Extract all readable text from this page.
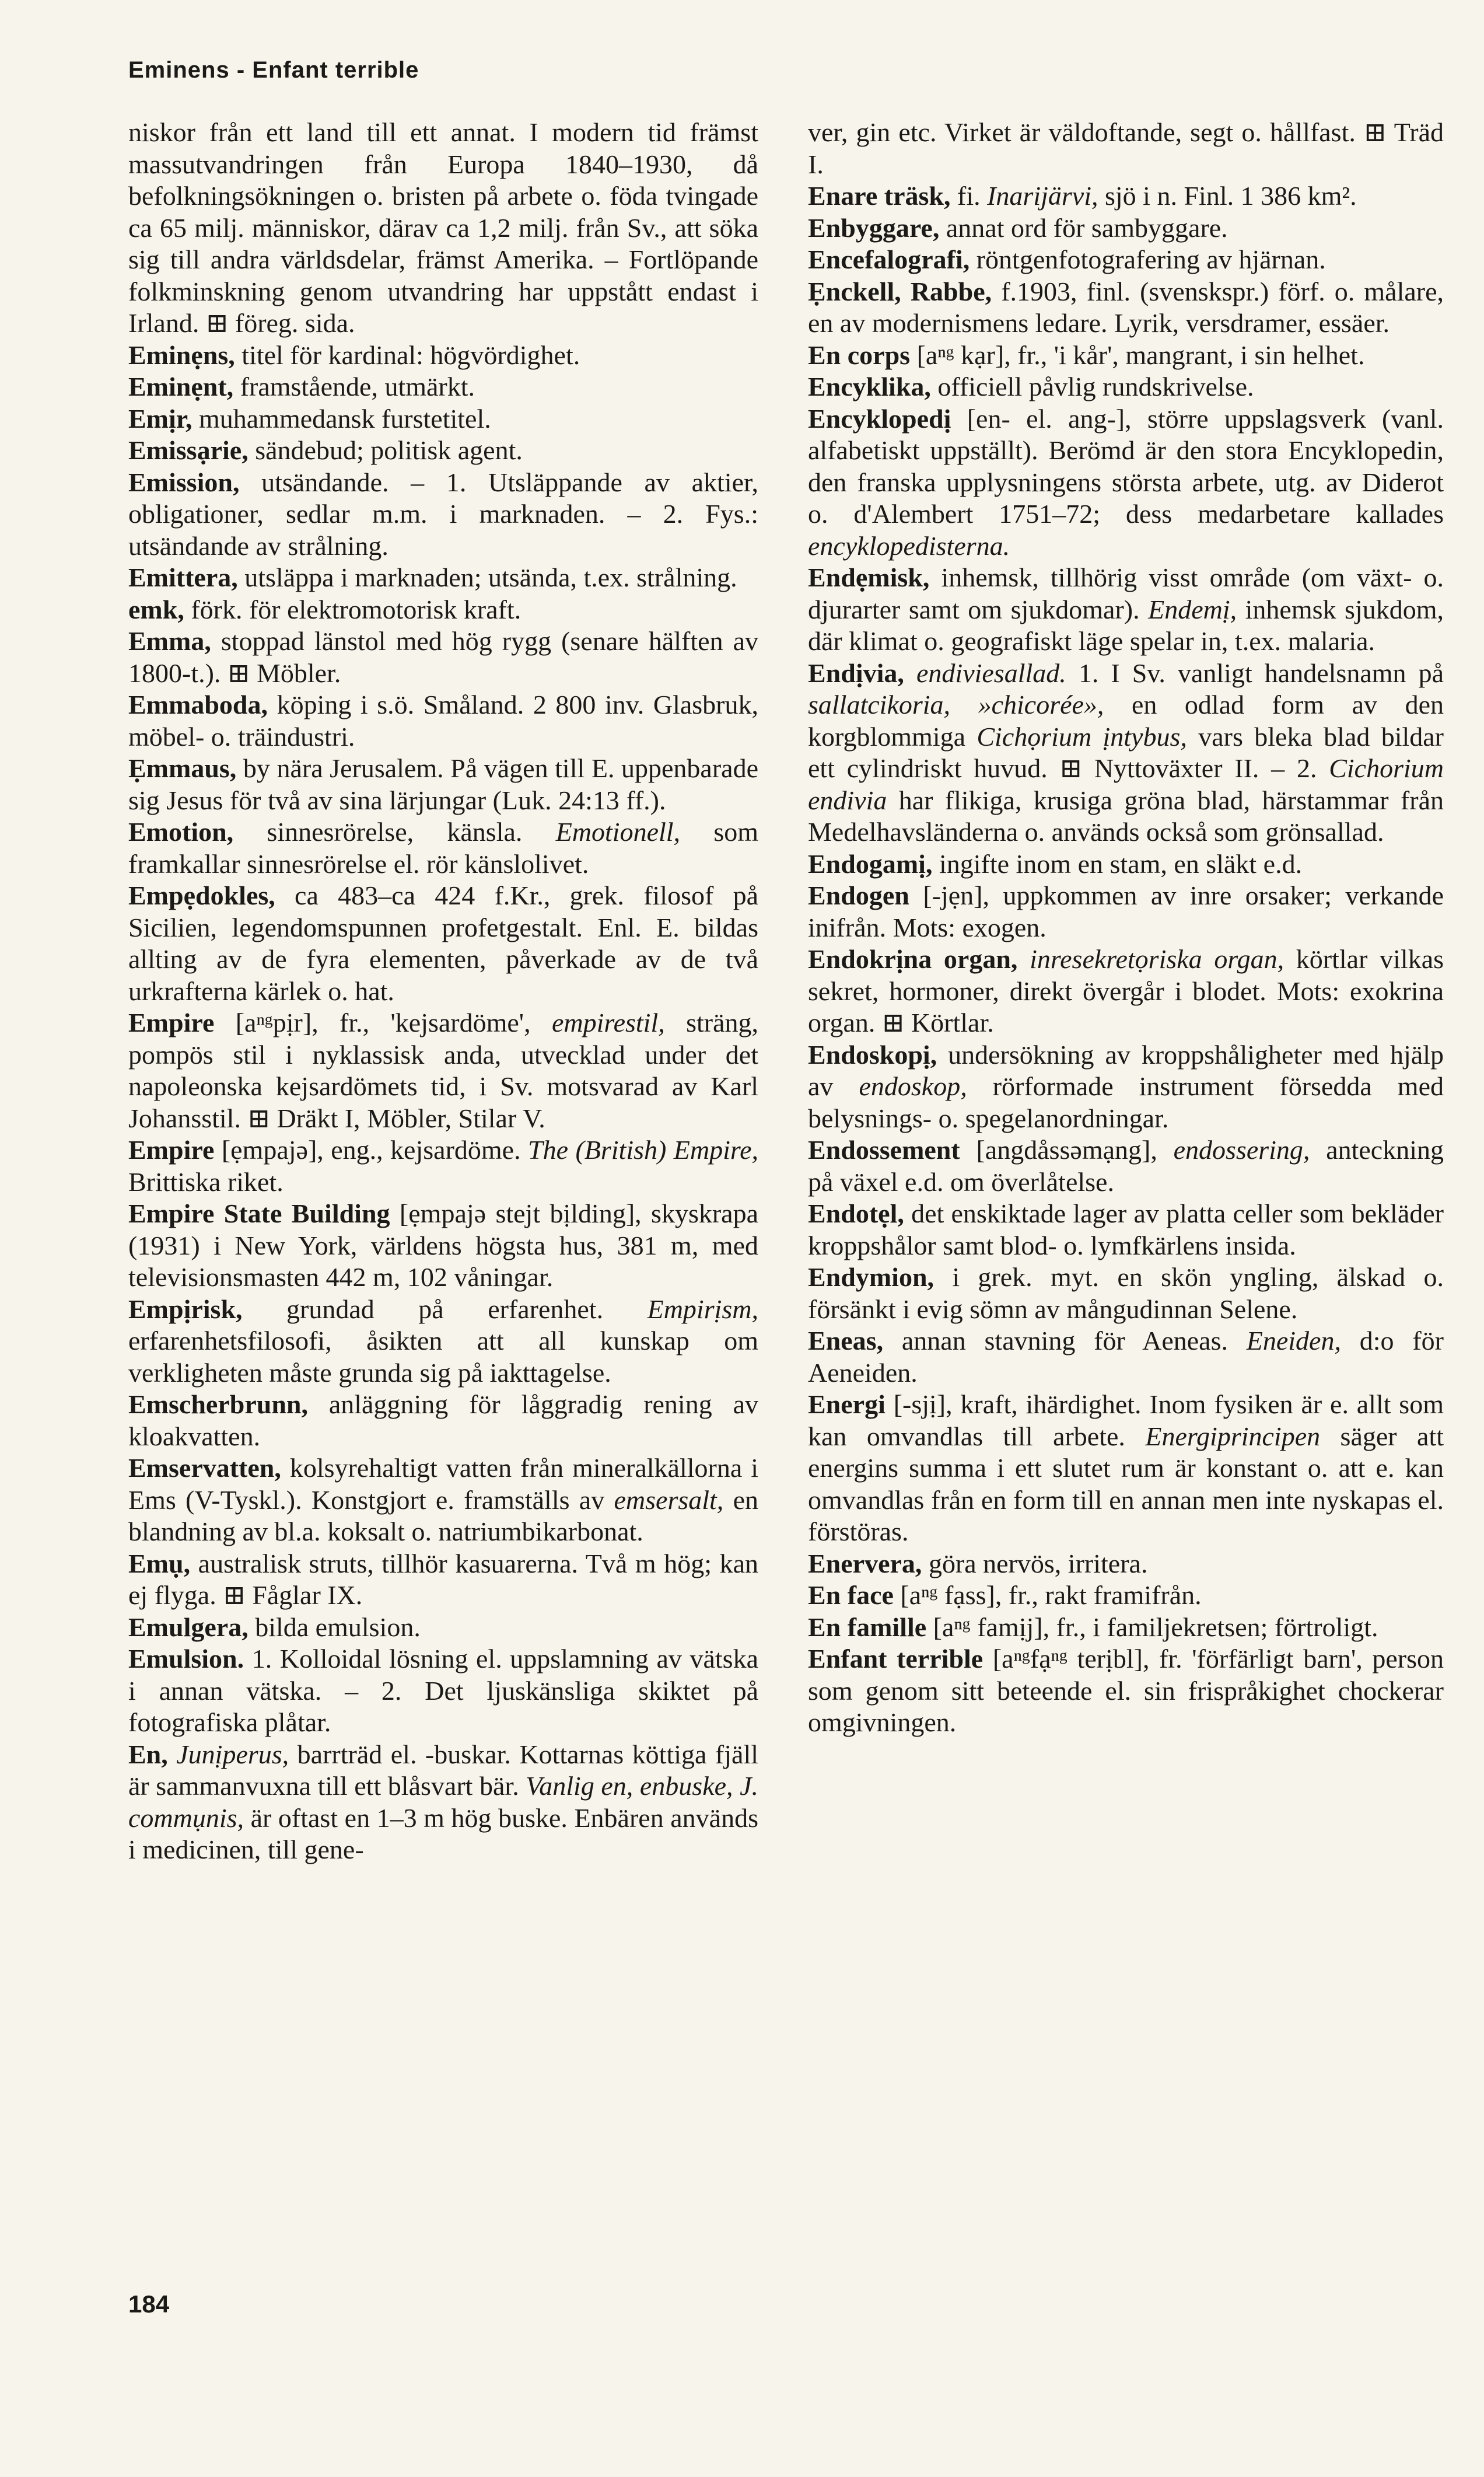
Eminens - Enfant terrible

niskor från ett land till ett annat. I modern tid främst massutvandringen från Europa 1840–1930, då befolkningsökningen o. bristen på arbete o. föda tvingade ca 65 milj. människor, därav ca 1,2 milj. från Sv., att söka sig till andra världsdelar, främst Amerika. – Fortlöpande folkminskning genom utvandring har uppstått endast i Irland. ⊞ föreg. sida.

Eminẹns, titel för kardinal: högvördighet.

Eminẹnt, framstående, utmärkt.

Emịr, muhammedansk furstetitel.

Emissạrie, sändebud; politisk agent.

Emission, utsändande. – 1. Utsläppande av aktier, obligationer, sedlar m.m. i marknaden. – 2. Fys.: utsändande av strålning.

Emittera, utsläppa i marknaden; utsända, t.ex. strålning.

emk, förk. för elektromotorisk kraft.

Emma, stoppad länstol med hög rygg (senare hälften av 1800-t.). ⊞ Möbler.

Emmaboda, köping i s.ö. Småland. 2 800 inv. Glasbruk, möbel- o. träindustri.

Ẹmmaus, by nära Jerusalem. På vägen till E. uppenbarade sig Jesus för två av sina lärjungar (Luk. 24:13 ff.).

Emotion, sinnesrörelse, känsla. Emotionell, som framkallar sinnesrörelse el. rör känslolivet.

Empẹdokles, ca 483–ca 424 f.Kr., grek. filosof på Sicilien, legendomspunnen profetgestalt. Enl. E. bildas allting av de fyra elementen, påverkade av de två urkrafterna kärlek o. hat.

Empire [aⁿᵍpịr], fr., 'kejsardöme', empirestil, sträng, pompös stil i nyklassisk anda, utvecklad under det napoleonska kejsardömets tid, i Sv. motsvarad av Karl Johansstil. ⊞ Dräkt I, Möbler, Stilar V.

Empire [ẹmpajə], eng., kejsardöme. The (British) Empire, Brittiska riket.

Empire State Building [ẹmpajə stejt bịlding], skyskrapa (1931) i New York, världens högsta hus, 381 m, med televisionsmasten 442 m, 102 våningar.

Empịrisk, grundad på erfarenhet. Empirịsm, erfarenhetsfilosofi, åsikten att all kunskap om verkligheten måste grunda sig på iakttagelse.

Emscherbrunn, anläggning för låggradig rening av kloakvatten.

Emservatten, kolsyrehaltigt vatten från mineralkällorna i Ems (V-Tyskl.). Konstgjort e. framställs av emsersalt, en blandning av bl.a. koksalt o. natriumbikarbonat.

Emụ, australisk struts, tillhör kasuarerna. Två m hög; kan ej flyga. ⊞ Fåglar IX.

Emulgera, bilda emulsion.

Emulsion. 1. Kolloidal lösning el. uppslamning av vätska i annan vätska. – 2. Det ljuskänsliga skiktet på fotografiska plåtar.

En, Junịperus, barrträd el. -buskar. Kottarnas köttiga fjäll är sammanvuxna till ett blåsvart bär. Vanlig en, enbuske, J. commụnis, är oftast en 1–3 m hög buske. Enbären används i medicinen, till gene-

ver, gin etc. Virket är väldoftande, segt o. hållfast. ⊞ Träd I.

Enare träsk, fi. Inarijärvi, sjö i n. Finl. 1 386 km².

Enbyggare, annat ord för sambyggare.

Encefalografi, röntgenfotografering av hjärnan.

Ẹnckell, Rabbe, f.1903, finl. (svenskspr.) förf. o. målare, en av modernismens ledare. Lyrik, versdramer, essäer.

En corps [aⁿᵍ kạr], fr., 'i kår', mangrant, i sin helhet.

Encyklika, officiell påvlig rundskrivelse.

Encyklopedị [en- el. ang-], större uppslagsverk (vanl. alfabetiskt uppställt). Berömd är den stora Encyklopedin, den franska upplysningens största arbete, utg. av Diderot o. d'Alembert 1751–72; dess medarbetare kallades encyklopedisterna.

Endẹmisk, inhemsk, tillhörig visst område (om växt- o. djurarter samt om sjukdomar). Endemị, inhemsk sjukdom, där klimat o. geografiskt läge spelar in, t.ex. malaria.

Endịvia, endiviesallad. 1. I Sv. vanligt handelsnamn på sallatcikoria, »chicorée», en odlad form av den korgblommiga Cichọrium ịntybus, vars bleka blad bildar ett cylindriskt huvud. ⊞ Nyttoväxter II. – 2. Cichorium endivia har flikiga, krusiga gröna blad, härstammar från Medelhavsländerna o. används också som grönsallad.

Endogamị, ingifte inom en stam, en släkt e.d.

Endogen [-jẹn], uppkommen av inre orsaker; verkande inifrån. Mots: exogen.

Endokrịna organ, inresekretọriska organ, körtlar vilkas sekret, hormoner, direkt övergår i blodet. Mots: exokrina organ. ⊞ Körtlar.

Endoskopị, undersökning av kroppshåligheter med hjälp av endoskop, rörformade instrument försedda med belysnings- o. spegelanordningar.

Endossement [angdåssəmạng], endossering, anteckning på växel e.d. om överlåtelse.

Endotẹl, det enskiktade lager av platta celler som bekläder kroppshålor samt blod- o. lymfkärlens insida.

Endymion, i grek. myt. en skön yngling, älskad o. försänkt i evig sömn av mångudinnan Selene.

Eneas, annan stavning för Aeneas. Eneiden, d:o för Aeneiden.

Energi [-sjị], kraft, ihärdighet. Inom fysiken är e. allt som kan omvandlas till arbete. Energiprincipen säger att energins summa i ett slutet rum är konstant o. att e. kan omvandlas från en form till en annan men inte nyskapas el. förstöras.

Enervera, göra nervös, irritera.

En face [aⁿᵍ fạss], fr., rakt framifrån.

En famille [aⁿᵍ famịj], fr., i familjekretsen; förtroligt.

Enfant terrible [aⁿᵍfạⁿᵍ terịbl], fr. 'förfärligt barn', person som genom sitt beteende el. sin frispråkighet chockerar omgivningen.

184
